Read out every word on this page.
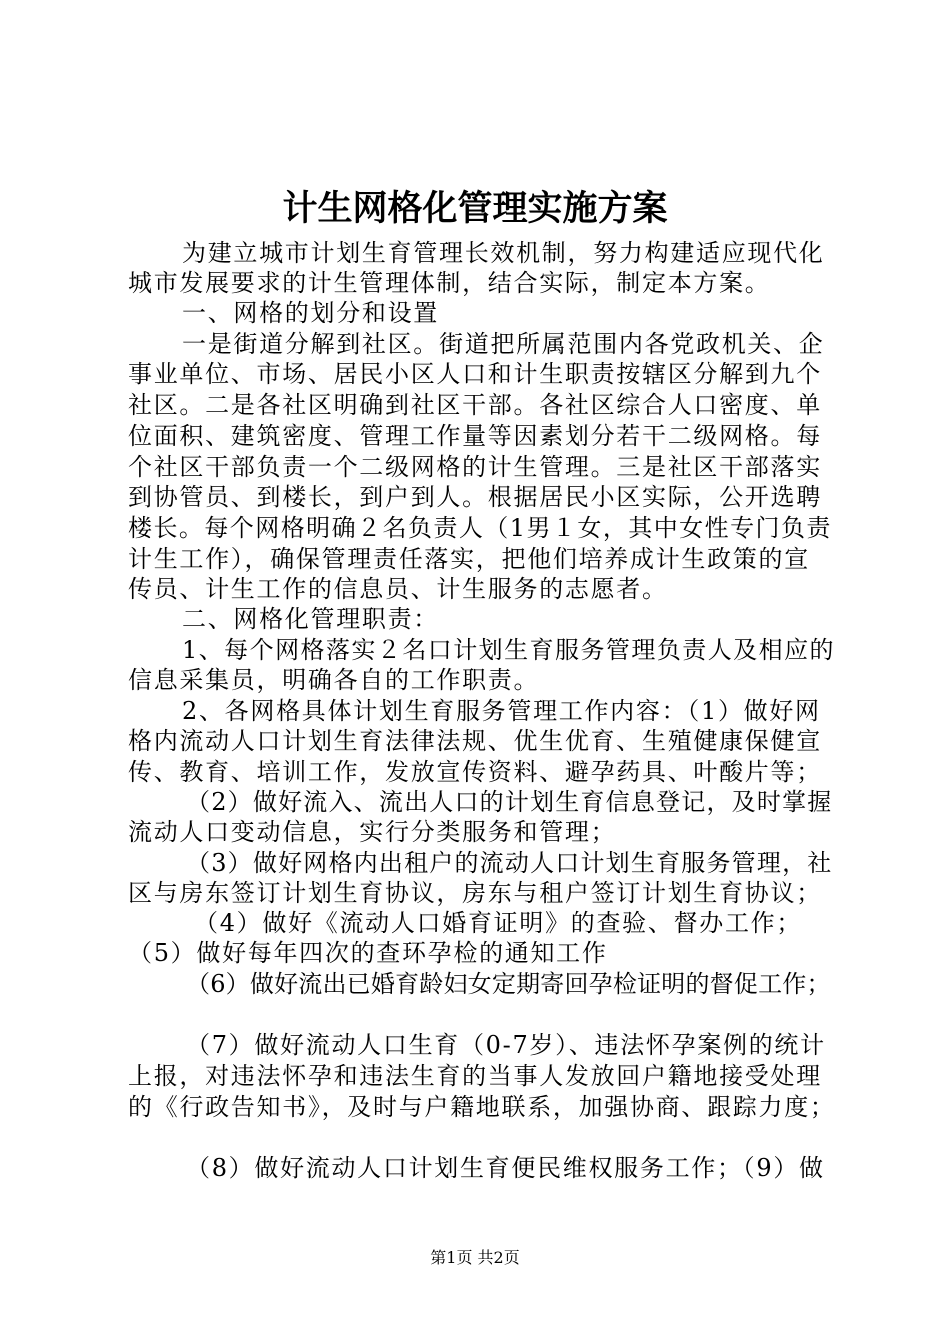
计生网格化管理实施方案
为建立城市计划生育管理长效机制，努力构建适应现代化
城市发展要求的计生管理体制，结合实际，制定本方案。
一、网格的划分和设置
一是街道分解到社区。街道把所属范围内各党政机关、企
事业单位、市场、居民小区人口和计生职责按辖区分解到九个
社区。二是各社区明确到社区干部。各社区综合人口密度、单
位面积、建筑密度、管理工作量等因素划分若干二级网格。每
个社区干部负责一个二级网格的计生管理。三是社区干部落实
到协管员、到楼长，到户到人。根据居民小区实际，公开选聘
楼长。每个网格明确２名负责人（1男１女，其中女性专门负责
计生工作），确保管理责任落实，把他们培养成计生政策的宣
传员、计生工作的信息员、计生服务的志愿者。
二、网格化管理职责：
1、每个网格落实２名口计划生育服务管理负责人及相应的
信息采集员，明确各自的工作职责。
2、各网格具体计划生育服务管理工作内容：（1）做好网
格内流动人口计划生育法律法规、优生优育、生殖健康保健宣
传、教育、培训工作，发放宣传资料、避孕药具、叶酸片等；
（2）做好流入、流出人口的计划生育信息登记，及时掌握
流动人口变动信息，实行分类服务和管理；
（3）做好网格内出租户的流动人口计划生育服务管理，社
区与房东签订计划生育协议，房东与租户签订计划生育协议；
（4）做好《流动人口婚育证明》的查验、督办工作；
（5）做好每年四次的查环孕检的通知工作
（6）做好流出已婚育龄妇女定期寄回孕检证明的督促工作；
（7）做好流动人口生育（0-7岁）、违法怀孕案例的统计
上报，对违法怀孕和违法生育的当事人发放回户籍地接受处理
的《行政告知书》，及时与户籍地联系，加强协商、跟踪力度；
（8）做好流动人口计划生育便民维权服务工作；（9）做
第1页 共2页
